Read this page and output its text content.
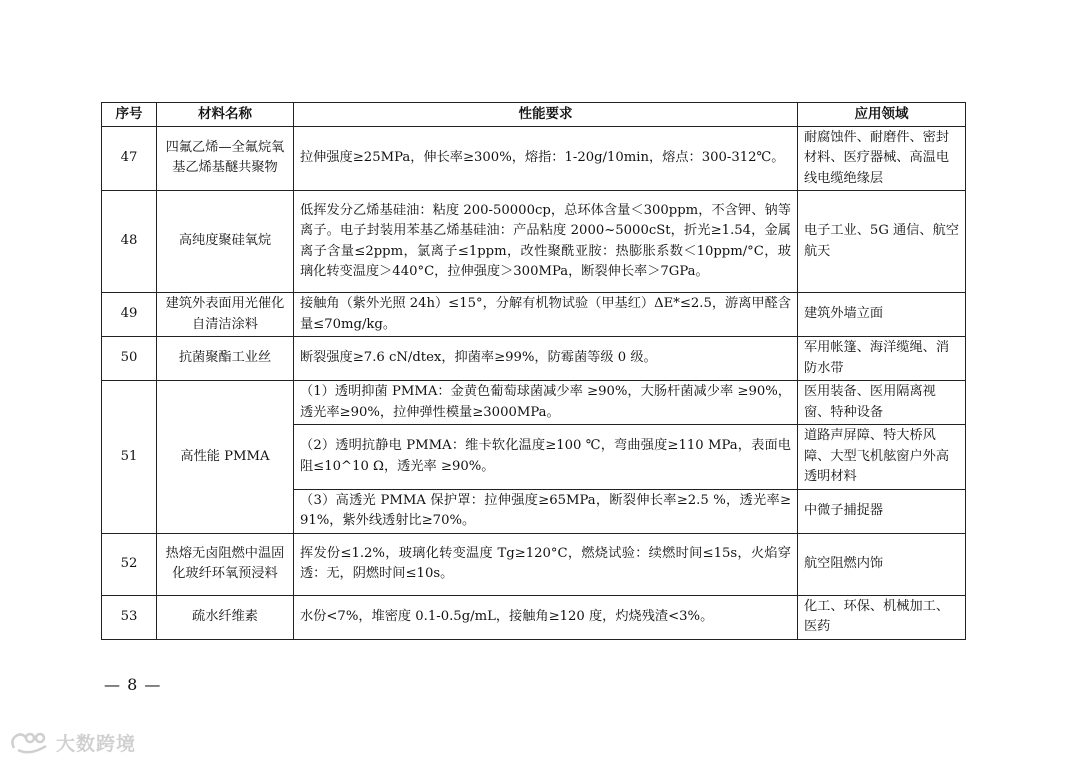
序号	材料名称	性能要求	应用领域
47	四氟乙烯—全氟烷氧基乙烯基醚共聚物	拉伸强度≥25MPa，伸长率≥300%，熔指：1-20g/10min，熔点：300-312℃。	耐腐蚀件、耐磨件、密封材料、医疗器械、高温电线电缆绝缘层
48	高纯度聚硅氧烷	低挥发分乙烯基硅油：粘度 200-50000cp，总环体含量＜300ppm，不含钾、钠等离子。电子封装用苯基乙烯基硅油：产品粘度 2000~5000cSt，折光≥1.54，金属离子含量≤2ppm，氯离子≤1ppm，改性聚酰亚胺：热膨胀系数＜10ppm/°C，玻璃化转变温度＞440°C，拉伸强度＞300MPa，断裂伸长率＞7GPa。	电子工业、5G 通信、航空航天
49	建筑外表面用光催化自清洁涂料	接触角（紫外光照 24h）≤15°，分解有机物试验（甲基红）ΔE*≤2.5，游离甲醛含量≤70mg/kg。	建筑外墙立面
50	抗菌聚酯工业丝	断裂强度≥7.6 cN/dtex，抑菌率≥99%，防霉菌等级 0 级。	军用帐篷、海洋缆绳、消防水带
51	高性能 PMMA	（1）透明抑菌 PMMA：金黄色葡萄球菌减少率 ≥90%，大肠杆菌减少率 ≥90%，透光率≥90%，拉伸弹性模量≥3000MPa。	医用装备、医用隔离视窗、特种设备
		（2）透明抗静电 PMMA：维卡软化温度≥100 ℃，弯曲强度≥110 MPa，表面电阻≤10^10 Ω，透光率 ≥90%。	道路声屏障、特大桥风障、大型飞机舷窗户外高透明材料
		（3）高透光 PMMA 保护罩：拉伸强度≥65MPa，断裂伸长率≥2.5 %，透光率≥91%，紫外线透射比≥70%。	中微子捕捉器
52	热熔无卤阻燃中温固化玻纤环氧预浸料	挥发份≤1.2%，玻璃化转变温度 Tg≥120°C，燃烧试验：续燃时间≤15s，火焰穿透：无，阴燃时间≤10s。	航空阻燃内饰
53	疏水纤维素	水份<7%，堆密度 0.1-0.5g/mL，接触角≥120 度，灼烧残渣<3%。	化工、环保、机械加工、医药
— 8 —
大数跨境
